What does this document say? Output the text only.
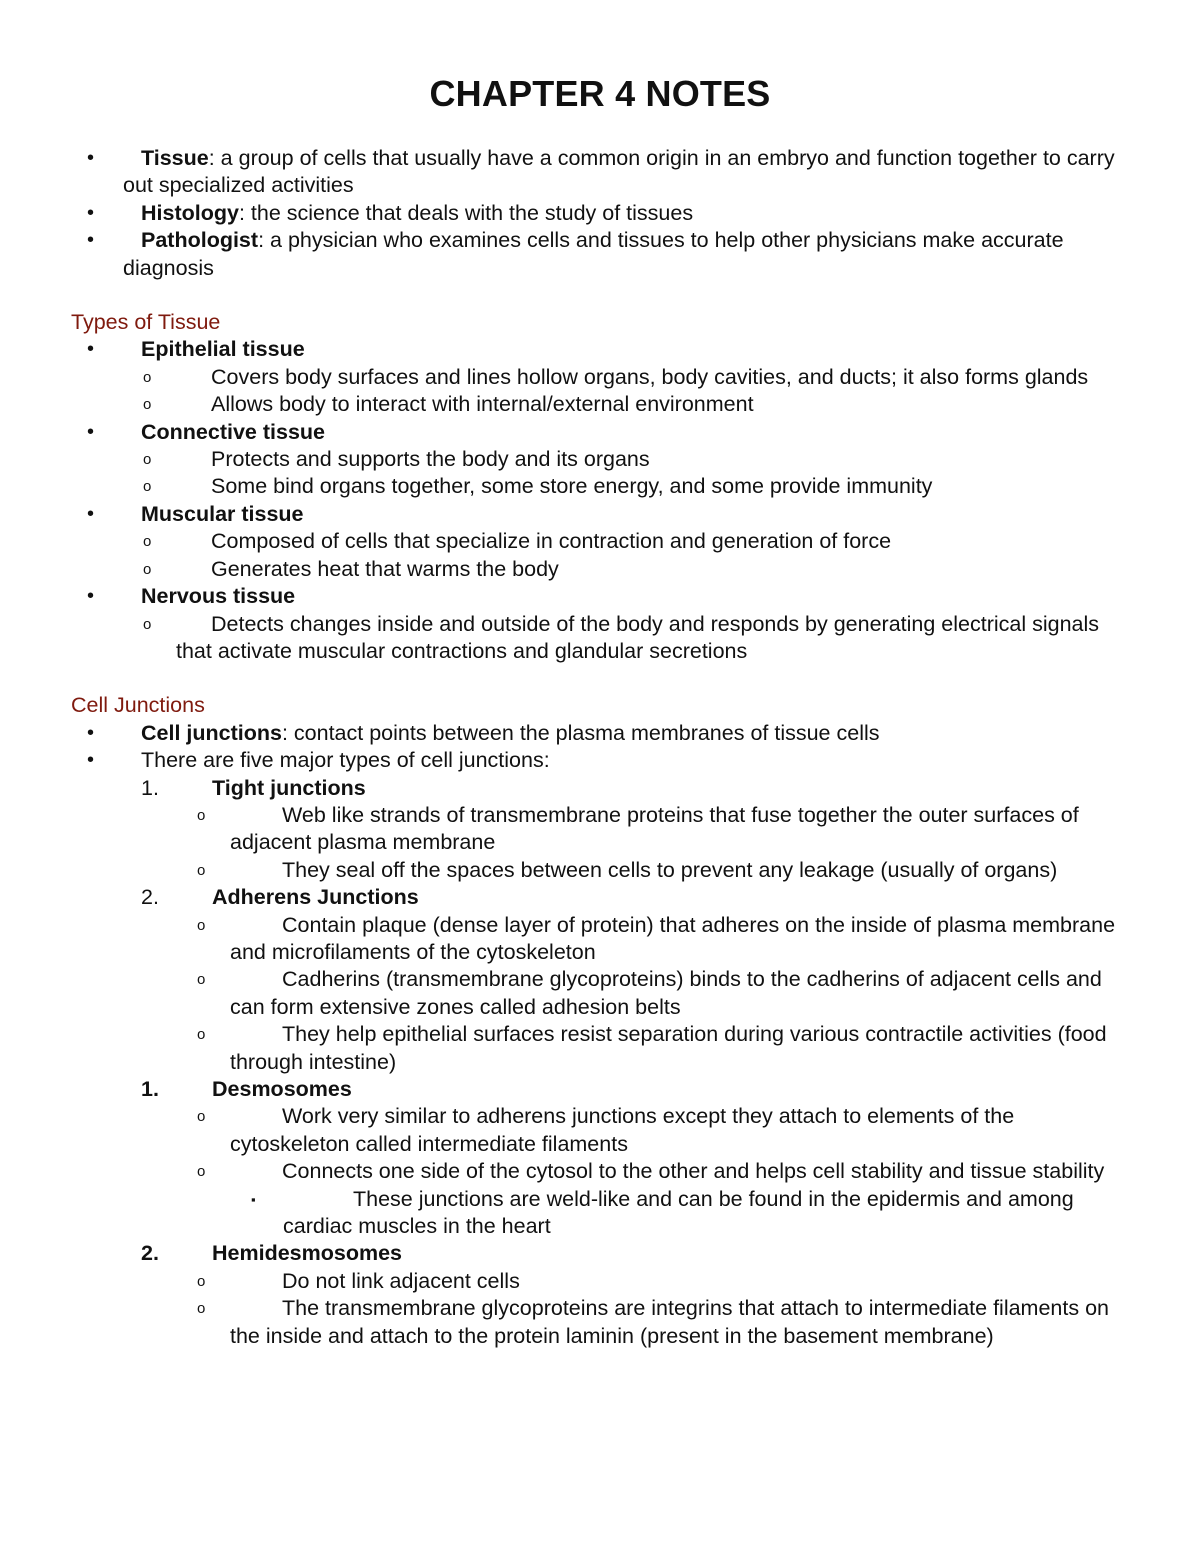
CHAPTER 4 NOTES
• Tissue: a group of cells that usually have a common origin in an embryo and function together to carry out specialized activities
• Histology: the science that deals with the study of tissues
• Pathologist: a physician who examines cells and tissues to help other physicians make accurate diagnosis
Types of Tissue
• Epithelial tissue
o	Covers body surfaces and lines hollow organs, body cavities, and ducts; it also forms glands
o	Allows body to interact with internal/external environment
• Connective tissue
o	Protects and supports the body and its organs
o	Some bind organs together, some store energy, and some provide immunity
• Muscular tissue
o	Composed of cells that specialize in contraction and generation of force
o	Generates heat that warms the body
• Nervous tissue
o	Detects changes inside and outside of the body and responds by generating electrical signals that activate muscular contractions and glandular secretions
Cell Junctions
• Cell junctions: contact points between the plasma membranes of tissue cells
• There are five major types of cell junctions:
1. Tight junctions
o	Web like strands of transmembrane proteins that fuse together the outer surfaces of adjacent plasma membrane
o	They seal off the spaces between cells to prevent any leakage (usually of organs)
2. Adherens Junctions
o	Contain plaque (dense layer of protein) that adheres on the inside of plasma membrane and microfilaments of the cytoskeleton
o	Cadherins (transmembrane glycoproteins) binds to the cadherins of adjacent cells and can form extensive zones called adhesion belts
o	They help epithelial surfaces resist separation during various contractile activities (food through intestine)
1. Desmosomes
o	Work very similar to adherens junctions except they attach to elements of the cytoskeleton called intermediate filaments
o	Connects one side of the cytosol to the other and helps cell stability and tissue stability
▪	These junctions are weld-like and can be found in the epidermis and among cardiac muscles in the heart
2. Hemidesmosomes
o	Do not link adjacent cells
o	The transmembrane glycoproteins are integrins that attach to intermediate filaments on the inside and attach to the protein laminin (present in the basement membrane)
